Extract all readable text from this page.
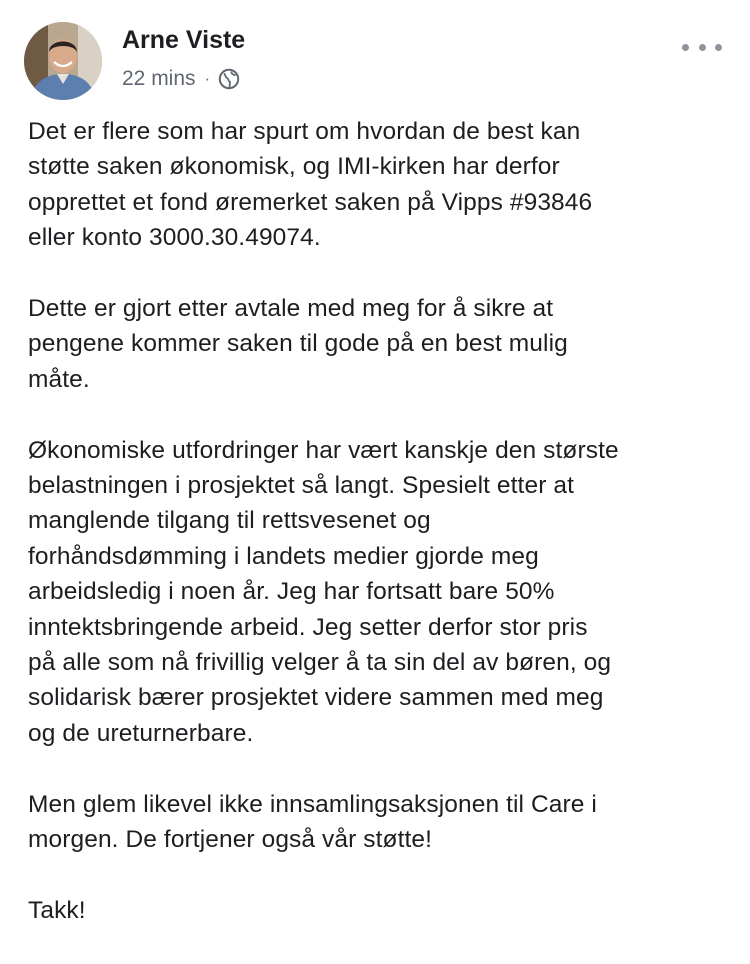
Arne Viste
22 mins ·

Det er flere som har spurt om hvordan de best kan
støtte saken økonomisk, og IMI-kirken har derfor
opprettet et fond øremerket saken på Vipps #93846
eller konto 3000.30.49074.

Dette er gjort etter avtale med meg for å sikre at
pengene kommer saken til gode på en best mulig
måte.

Økonomiske utfordringer har vært kanskje den største
belastningen i prosjektet så langt. Spesielt etter at
manglende tilgang til rettsvesenet og
forhåndsdømming i landets medier gjorde meg
arbeidsledig i noen år. Jeg har fortsatt bare 50%
inntektsbringende arbeid. Jeg setter derfor stor pris
på alle som nå frivillig velger å ta sin del av børen, og
solidarisk bærer prosjektet videre sammen med meg
og de ureturnerbare.

Men glem likevel ikke innsamlingsaksjonen til Care i
morgen. De fortjener også vår støtte!

Takk!
